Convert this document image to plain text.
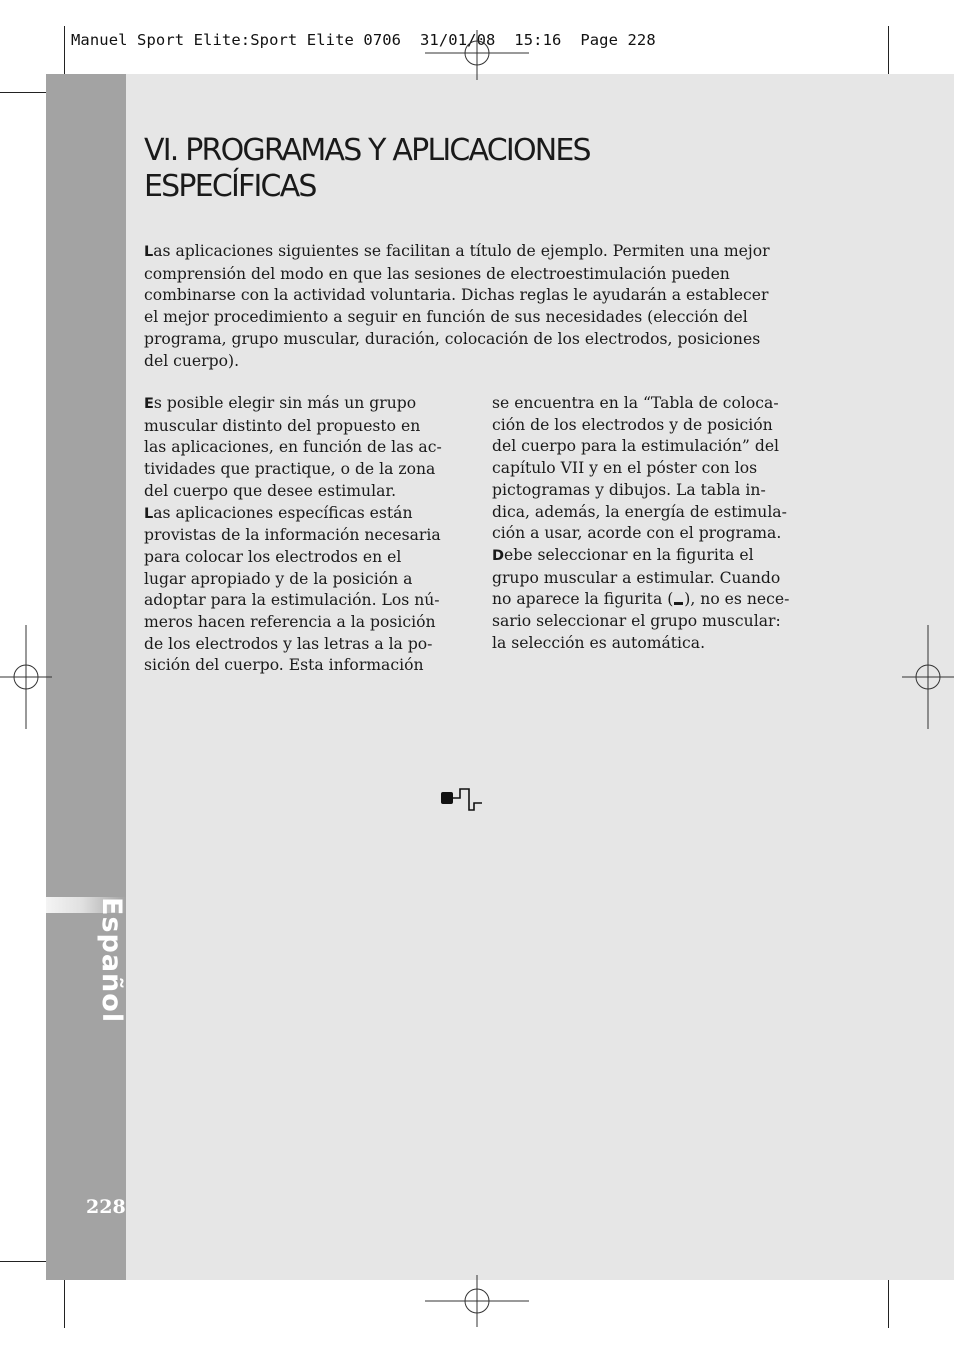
Manuel Sport Elite:Sport Elite 0706  31/01/08  15:16  Page 228
Español
228
VI. PROGRAMAS Y APLICACIONES
ESPECÍFICAS

Las aplicaciones siguientes se facilitan a título de ejemplo. Permiten una mejor
comprensión del modo en que las sesiones de electroestimulación pueden
combinarse con la actividad voluntaria. Dichas reglas le ayudarán a establecer
el mejor procedimiento a seguir en función de sus necesidades (elección del
programa, grupo muscular, duración, colocación de los electrodos, posiciones
del cuerpo).

Es posible elegir sin más un grupo
muscular distinto del propuesto en
las aplicaciones, en función de las ac-
tividades que practique, o de la zona
del cuerpo que desee estimular.
Las aplicaciones específicas están
provistas de la información necesaria
para colocar los electrodos en el
lugar apropiado y de la posición a
adoptar para la estimulación. Los nú-
meros hacen referencia a la posición
de los electrodos y las letras a la po-
sición del cuerpo. Esta información
se encuentra en la “Tabla de coloca-
ción de los electrodos y de posición
del cuerpo para la estimulación” del
capítulo VII y en el póster con los
pictogramas y dibujos. La tabla in-
dica, además, la energía de estimula-
ción a usar, acorde con el programa.
Debe seleccionar en la figurita el
grupo muscular a estimular. Cuando
no aparece la figurita ( ), no es nece-
sario seleccionar el grupo muscular:
la selección es automática.
